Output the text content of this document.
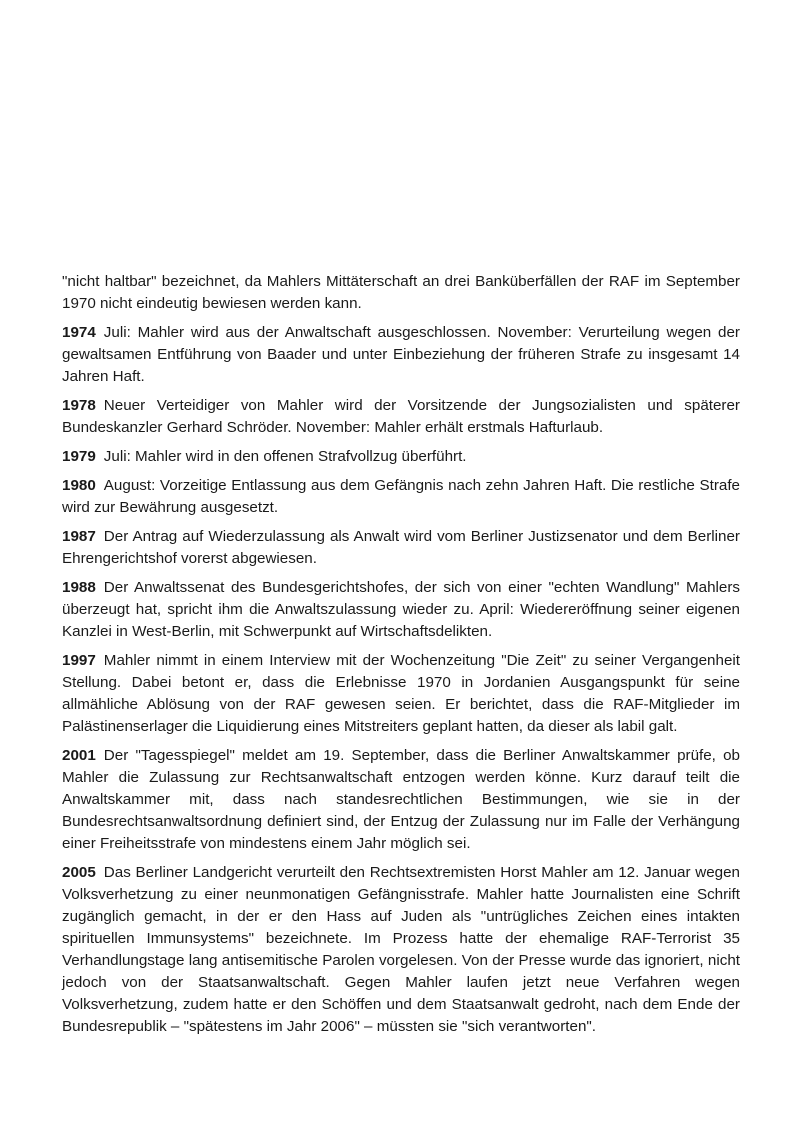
"nicht haltbar" bezeichnet, da Mahlers Mittäterschaft an drei Banküberfällen der RAF im September 1970 nicht eindeutig bewiesen werden kann.

1974 Juli: Mahler wird aus der Anwaltschaft ausgeschlossen. November: Verurteilung wegen der gewaltsamen Entführung von Baader und unter Einbeziehung der früheren Strafe zu insgesamt 14 Jahren Haft.

1978 Neuer Verteidiger von Mahler wird der Vorsitzende der Jungsozialisten und späterer Bundeskanzler Gerhard Schröder. November: Mahler erhält erstmals Hafturlaub.

1979 Juli: Mahler wird in den offenen Strafvollzug überführt.

1980 August: Vorzeitige Entlassung aus dem Gefängnis nach zehn Jahren Haft. Die restliche Strafe wird zur Bewährung ausgesetzt.

1987 Der Antrag auf Wiederzulassung als Anwalt wird vom Berliner Justizsenator und dem Berliner Ehrengerichtshof vorerst abgewiesen.

1988 Der Anwaltssenat des Bundesgerichtshofes, der sich von einer "echten Wandlung" Mahlers überzeugt hat, spricht ihm die Anwaltszulassung wieder zu. April: Wiedereröffnung seiner eigenen Kanzlei in West-Berlin, mit Schwerpunkt auf Wirtschaftsdelikten.

1997 Mahler nimmt in einem Interview mit der Wochenzeitung "Die Zeit" zu seiner Vergangenheit Stellung. Dabei betont er, dass die Erlebnisse 1970 in Jordanien Ausgangspunkt für seine allmähliche Ablösung von der RAF gewesen seien. Er berichtet, dass die RAF-Mitglieder im Palästinenserlager die Liquidierung eines Mitstreiters geplant hatten, da dieser als labil galt.

2001 Der "Tagesspiegel" meldet am 19. September, dass die Berliner Anwaltskammer prüfe, ob Mahler die Zulassung zur Rechtsanwaltschaft entzogen werden könne. Kurz darauf teilt die Anwaltskammer mit, dass nach standesrechtlichen Bestimmungen, wie sie in der Bundesrechtsanwaltsordnung definiert sind, der Entzug der Zulassung nur im Falle der Verhängung einer Freiheitsstrafe von mindestens einem Jahr möglich sei.

2005 Das Berliner Landgericht verurteilt den Rechtsextremisten Horst Mahler am 12. Januar wegen Volksverhetzung zu einer neunmonatigen Gefängnisstrafe. Mahler hatte Journalisten eine Schrift zugänglich gemacht, in der er den Hass auf Juden als "untrügliches Zeichen eines intakten spirituellen Immunsystems" bezeichnete. Im Prozess hatte der ehemalige RAF-Terrorist 35 Verhandlungstage lang antisemitische Parolen vorgelesen. Von der Presse wurde das ignoriert, nicht jedoch von der Staatsanwaltschaft. Gegen Mahler laufen jetzt neue Verfahren wegen Volksverhetzung, zudem hatte er den Schöffen und dem Staatsanwalt gedroht, nach dem Ende der Bundesrepublik – "spätestens im Jahr 2006" – müssten sie "sich verantworten".
